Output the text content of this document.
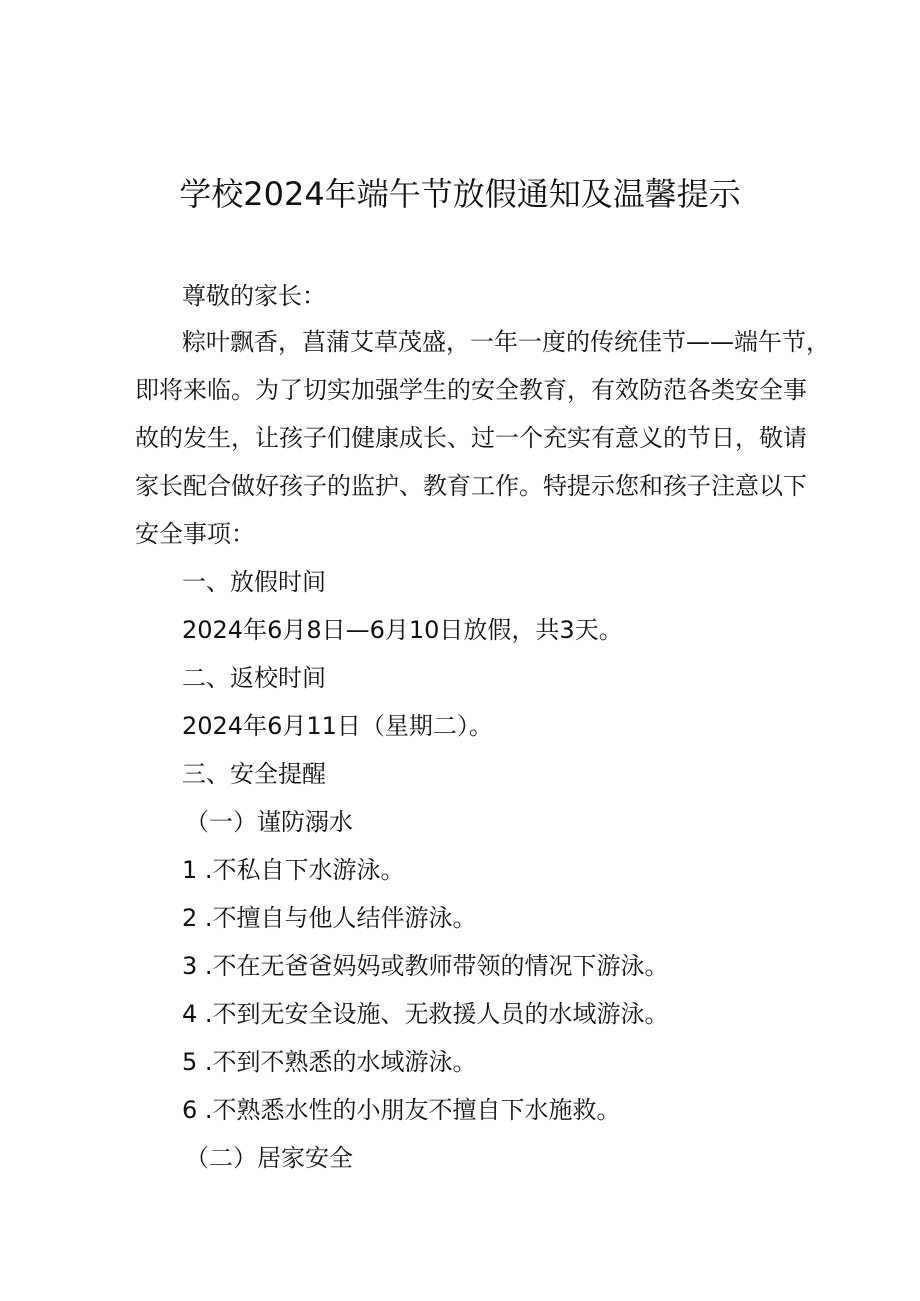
学校2024年端午节放假通知及温馨提示
尊敬的家长：
粽叶飘香，菖蒲艾草茂盛，一年一度的传统佳节——端午节，
即将来临。为了切实加强学生的安全教育，有效防范各类安全事
故的发生，让孩子们健康成长、过一个充实有意义的节日，敬请
家长配合做好孩子的监护、教育工作。特提示您和孩子注意以下
安全事项：
一、放假时间
2024年6月8日—6月10日放假，共3天。
二、返校时间
2024年6月11日（星期二）。
三、安全提醒
（一）谨防溺水
1 .不私自下水游泳。
2 .不擅自与他人结伴游泳。
3 .不在无爸爸妈妈或教师带领的情况下游泳。
4 .不到无安全设施、无救援人员的水域游泳。
5 .不到不熟悉的水域游泳。
6 .不熟悉水性的小朋友不擅自下水施救。
（二）居家安全
